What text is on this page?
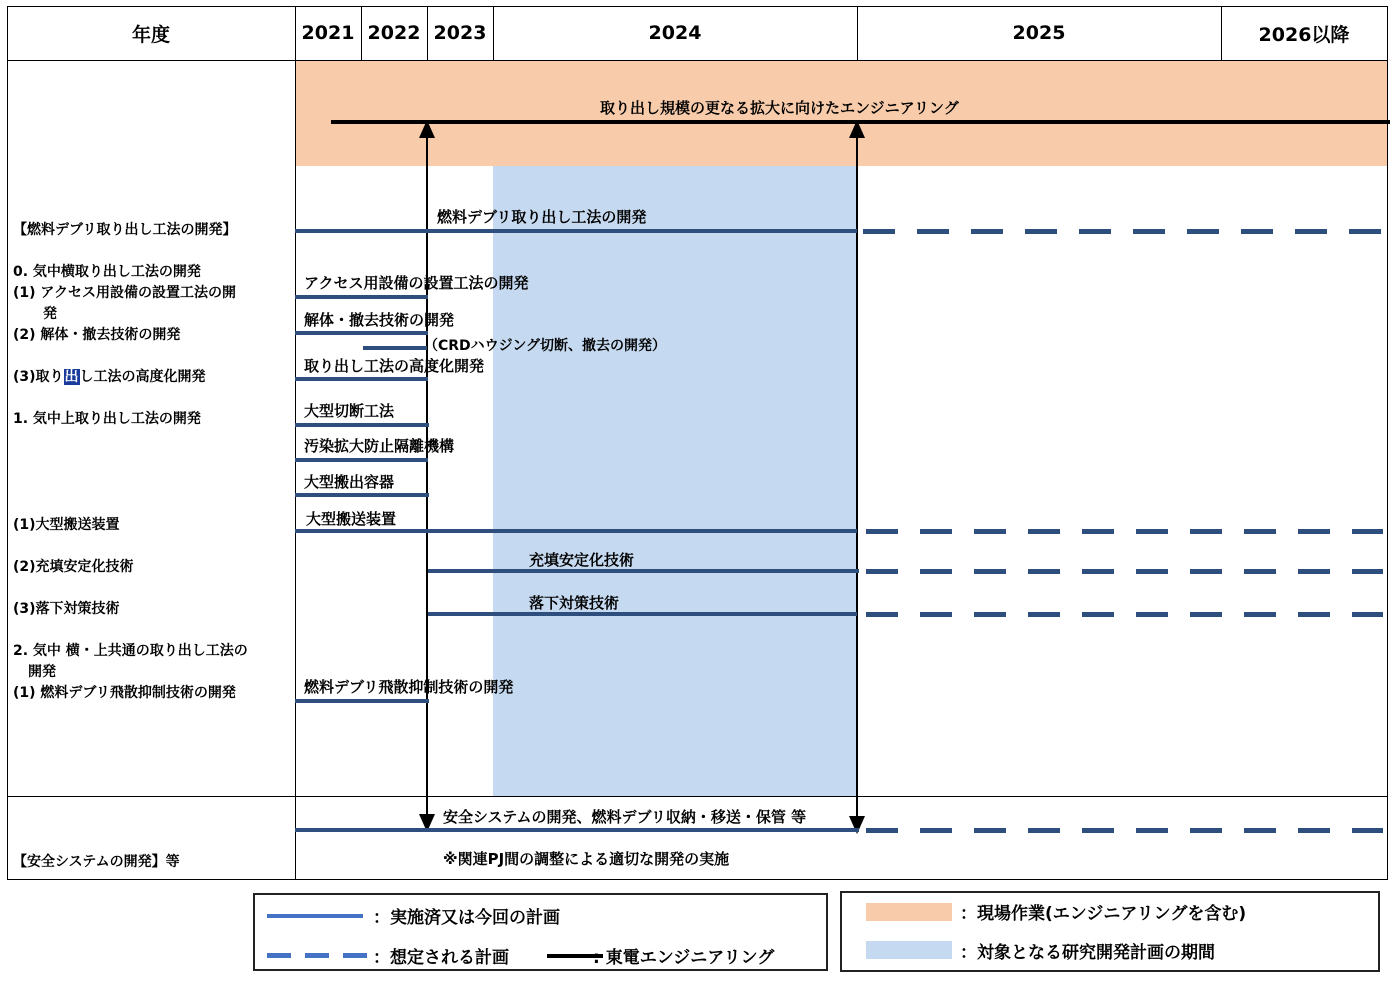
年度	2021 2022 2023	2024	2025	2026以降
取り出し規模の更なる拡大に向けたエンジニアリング
【燃料デブリ取り出し工法の開発】
0. 気中横取り出し工法の開発
(1) アクセス用設備の設置工法の開
発
(2) 解体・撤去技術の開発
(3)取り出し工法の高度化開発
1. 気中上取り出し工法の開発
(1)大型搬送装置
(2)充填安定化技術
(3)落下対策技術
2. 気中 横・上共通の取り出し工法の
開発
(1) 燃料デブリ飛散抑制技術の開発
【安全システムの開発】等
燃料デブリ取り出し工法の開発
アクセス用設備の設置工法の開発
解体・撤去技術の開発
（CRDハウジング切断、撤去の開発）
取り出し工法の高度化開発
大型切断工法
汚染拡大防止隔離機構
大型搬出容器
大型搬送装置
充填安定化技術
落下対策技術
燃料デブリ飛散抑制技術の開発
安全システムの開発、燃料デブリ収納・移送・保管 等
※関連PJ間の調整による適切な開発の実施
：実施済又は今回の計画
：想定される計画	: 東電エンジニアリング
：現場作業(エンジニアリングを含む)
：対象となる研究開発計画の期間
